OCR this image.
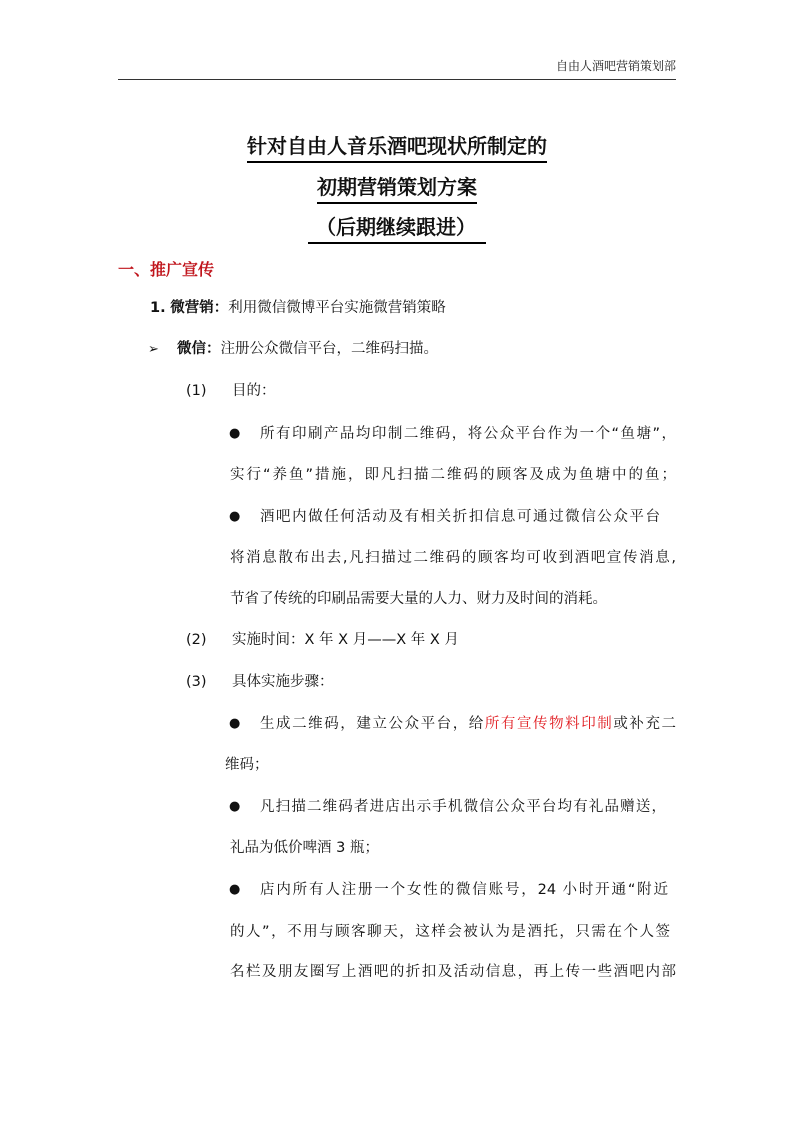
自由人酒吧营销策划部
针对自由人音乐酒吧现状所制定的
初期营销策划方案
（后期继续跟进）
一、推广宣传
1. 微营销：利用微信微博平台实施微营销策略
➢ 微信：注册公众微信平台，二维码扫描。
(1) 目的：
● 所有印刷产品均印制二维码，将公众平台作为一个“鱼塘”，
实行“养鱼”措施，即凡扫描二维码的顾客及成为鱼塘中的鱼；
● 酒吧内做任何活动及有相关折扣信息可通过微信公众平台
将消息散布出去,凡扫描过二维码的顾客均可收到酒吧宣传消息,
节省了传统的印刷品需要大量的人力、财力及时间的消耗。
(2) 实施时间：X 年 X 月——X 年 X 月
(3) 具体实施步骤：
● 生成二维码，建立公众平台，给所有宣传物料印制或补充二
维码；
● 凡扫描二维码者进店出示手机微信公众平台均有礼品赠送，
礼品为低价啤酒 3 瓶；
● 店内所有人注册一个女性的微信账号，24 小时开通“附近
的人”，不用与顾客聊天，这样会被认为是酒托，只需在个人签
名栏及朋友圈写上酒吧的折扣及活动信息，再上传一些酒吧内部
